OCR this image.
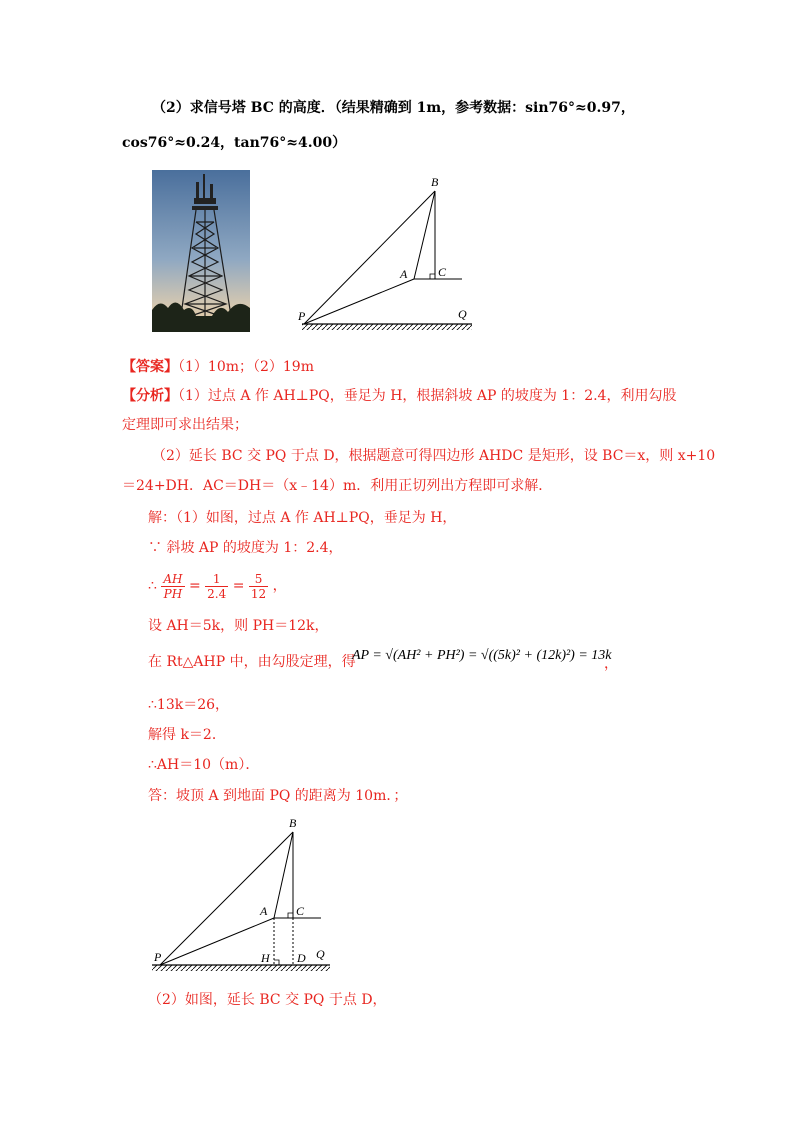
（2）求信号塔 BC 的高度．（结果精确到 1m，参考数据：sin76°≈0.97，
cos76°≈0.24，tan76°≈4.00）
B
A	C
P	Q
【答案】（1）10m；（2）19m
【分析】（1）过点 A 作 AH⊥PQ，垂足为 H，根据斜坡 AP 的坡度为 1：2.4，利用勾股
定理即可求出结果；
（2）延长 BC 交 PQ 于点 D，根据题意可得四边形 AHDC 是矩形，设 BC＝x，则 x+10
＝24+DH．AC＝DH＝（x﹣14）m．利用正切列出方程即可求解．
解：（1）如图，过点 A 作 AH⊥PQ，垂足为 H，
∵ 斜坡 AP 的坡度为 1：2.4，
∴ $\frac{AH}{PH} = \frac{1}{2.4} = \frac{5}{12}$ ，
设 AH＝5k，则 PH＝12k，
在 Rt△AHP 中，由勾股定理，得
AP = √(AH² + PH²) = √((5k)² + (12k)²) = 13k
，
∴13k＝26，
解得 k＝2．
∴AH＝10（m）．
答：坡顶 A 到地面 PQ 的距离为 10m．；
B
A C
P	Q
H D
（2）如图，延长 BC 交 PQ 于点 D，
